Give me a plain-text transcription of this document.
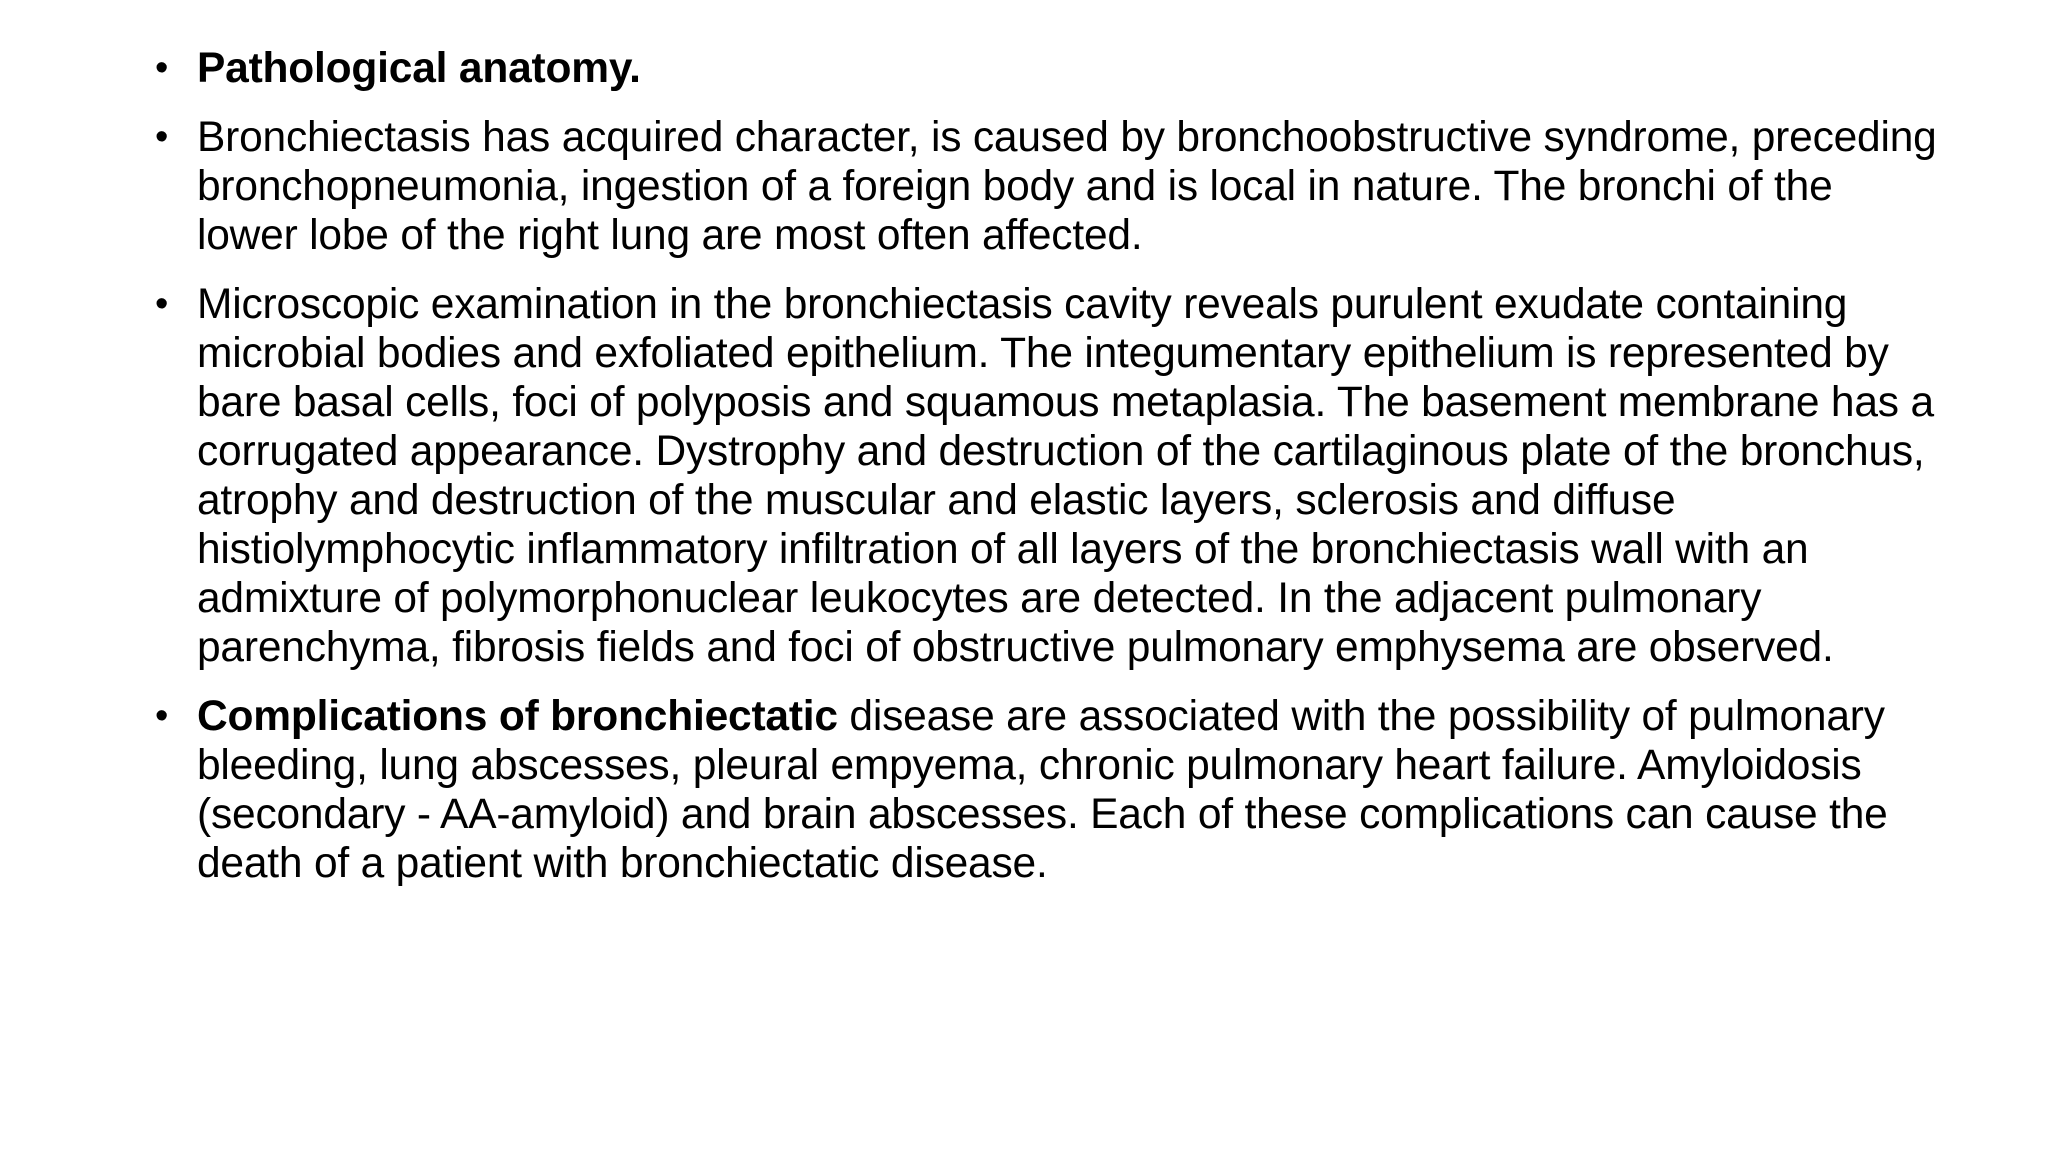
• Pathological anatomy.
• Bronchiectasis has acquired character, is caused by bronchoobstructive syndrome, preceding bronchopneumonia, ingestion of a foreign body and is local in nature. The bronchi of the lower lobe of the right lung are most often affected.
• Microscopic examination in the bronchiectasis cavity reveals purulent exudate containing microbial bodies and exfoliated epithelium. The integumentary epithelium is represented by bare basal cells, foci of polyposis and squamous metaplasia. The basement membrane has a corrugated appearance. Dystrophy and destruction of the cartilaginous plate of the bronchus, atrophy and destruction of the muscular and elastic layers, sclerosis and diffuse histiolymphocytic inflammatory infiltration of all layers of the bronchiectasis wall with an admixture of polymorphonuclear leukocytes are detected. In the adjacent pulmonary parenchyma, fibrosis fields and foci of obstructive pulmonary emphysema are observed.
• Complications of bronchiectatic disease are associated with the possibility of pulmonary bleeding, lung abscesses, pleural empyema, chronic pulmonary heart failure. Amyloidosis (secondary - AA-amyloid) and brain abscesses. Each of these complications can cause the death of a patient with bronchiectatic disease.
